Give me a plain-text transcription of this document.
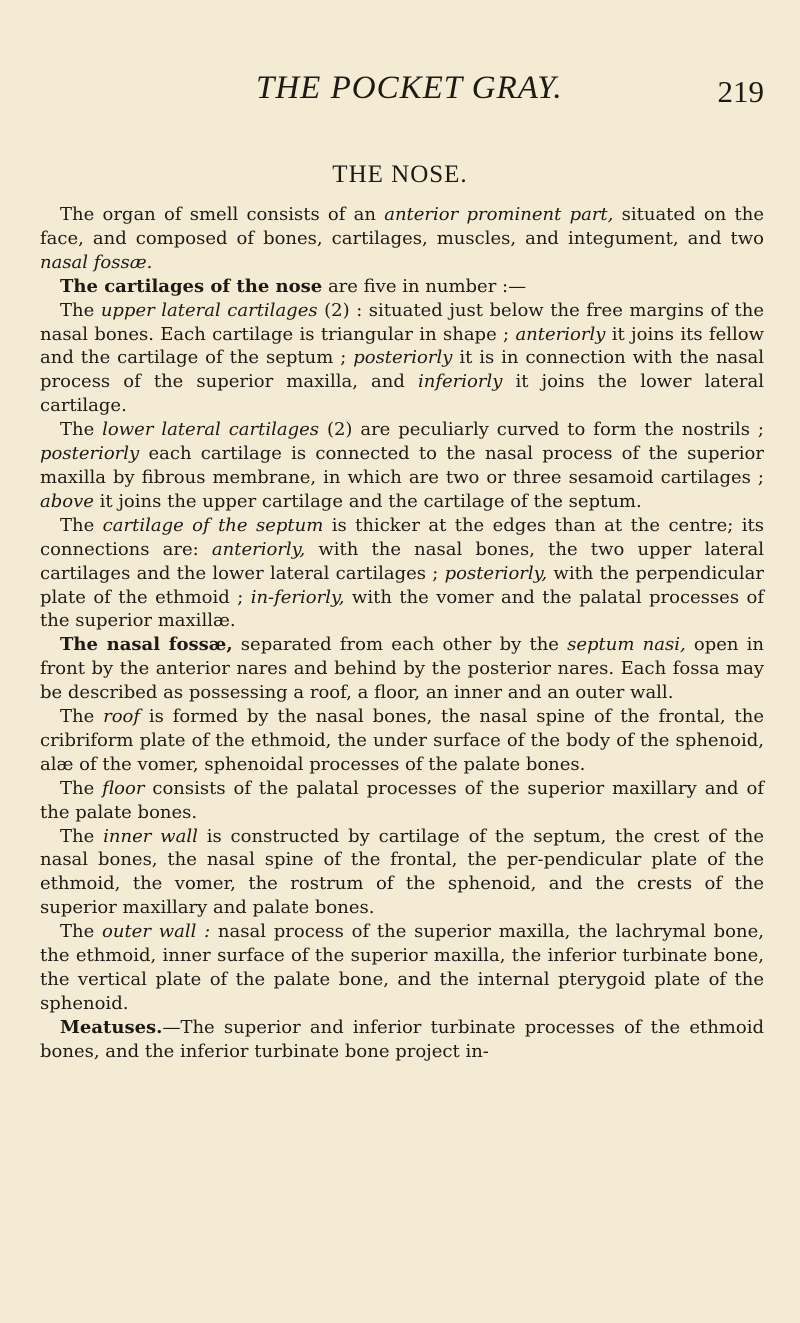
THE POCKET GRAY.	219
THE NOSE.

The organ of smell consists of an anterior prominent part, situated on the face, and composed of bones, cartilages, muscles, and integument, and two nasal fossæ.

The cartilages of the nose are five in number :—

The upper lateral cartilages (2) : situated just below the free margins of the nasal bones. Each cartilage is triangular in shape ; anteriorly it joins its fellow and the cartilage of the septum ; posteriorly it is in connection with the nasal process of the superior maxilla, and inferiorly it joins the lower lateral cartilage.

The lower lateral cartilages (2) are peculiarly curved to form the nostrils ; posteriorly each cartilage is connected to the nasal process of the superior maxilla by fibrous membrane, in which are two or three sesamoid cartilages ; above it joins the upper cartilage and the cartilage of the septum.

The cartilage of the septum is thicker at the edges than at the centre; its connections are: anteriorly, with the nasal bones, the two upper lateral cartilages and the lower lateral cartilages ; posteriorly, with the perpendicular plate of the ethmoid ; in-feriorly, with the vomer and the palatal processes of the superior maxillæ.

The nasal fossæ, separated from each other by the septum nasi, open in front by the anterior nares and behind by the posterior nares. Each fossa may be described as possessing a roof, a floor, an inner and an outer wall.

The roof is formed by the nasal bones, the nasal spine of the frontal, the cribriform plate of the ethmoid, the under surface of the body of the sphenoid, alæ of the vomer, sphenoidal processes of the palate bones.

The floor consists of the palatal processes of the superior maxillary and of the palate bones.

The inner wall is constructed by cartilage of the septum, the crest of the nasal bones, the nasal spine of the frontal, the per-pendicular plate of the ethmoid, the vomer, the rostrum of the sphenoid, and the crests of the superior maxillary and palate bones.

The outer wall : nasal process of the superior maxilla, the lachrymal bone, the ethmoid, inner surface of the superior maxilla, the inferior turbinate bone, the vertical plate of the palate bone, and the internal pterygoid plate of the sphenoid.

Meatuses.—The superior and inferior turbinate processes of the ethmoid bones, and the inferior turbinate bone project in-
